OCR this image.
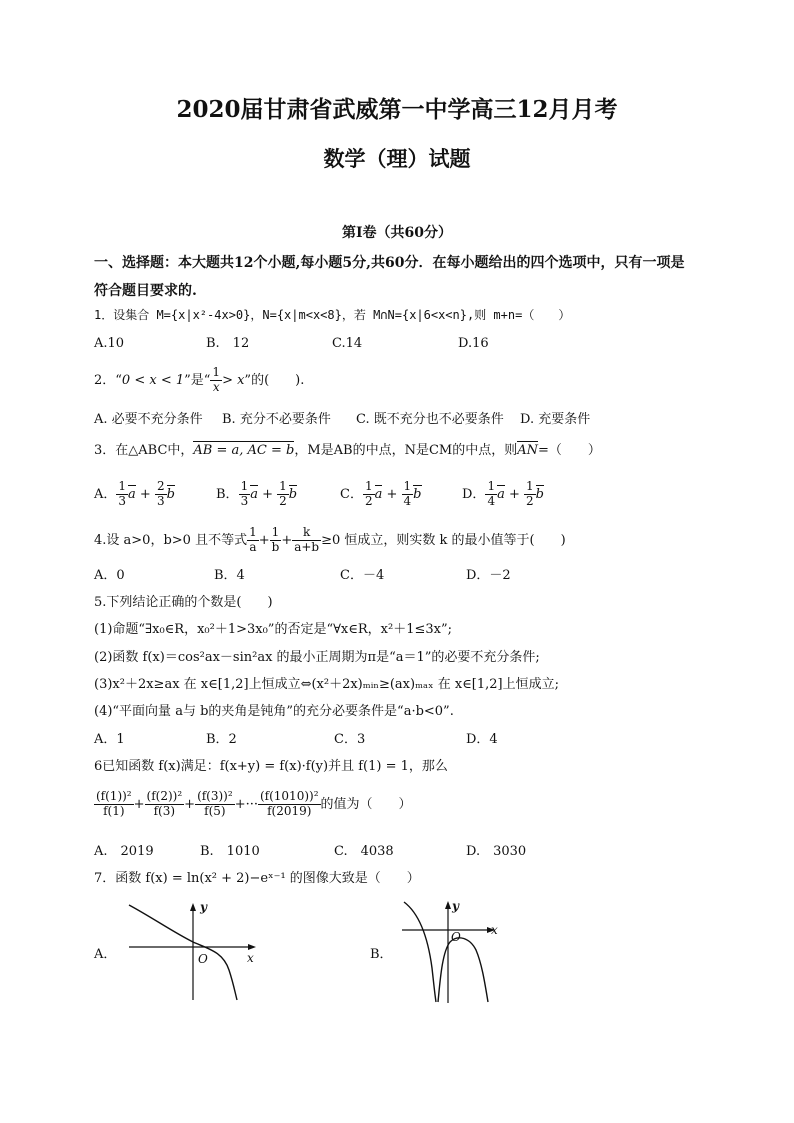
2020届甘肃省武威第一中学高三12月月考
数学（理）试题
第Ⅰ卷（共60分）
一、选择题：本大题共12个小题,每小题5分,共60分．在每小题给出的四个选项中，只有一项是
符合题目要求的.
1．设集合 M={x|x²-4x>0}，N={x|m<x<8}，若 M∩N={x|6<x<n},则 m+n=（　　）
A.10	B.　12	C.14	D.16
2．“0 < x < 1”是“ $\frac{1}{x} > x$”的(　　).
A. 必要不充分条件 B. 充分不必要条件 C. 既不充分也不必要条件 D. 充要条件
3．在△ABC中，AB = a, AC = b，M是AB的中点，N是CM的中点，则AN=（　　）
A． $\frac{1}{3}$ $a + \frac{2}{3}$ b	B． $\frac{1}{3}$ $a + \frac{1}{2}$ b	C． $\frac{1}{2}$ $a + \frac{1}{4}$ b	D． $\frac{1}{4}$ $a + \frac{1}{2}$ b
4.设 a>0，b>0 且不等式 $\frac{1}{a} + \frac{1}{b} + \frac{k}{a+b} \ge 0$ 恒成立，则实数 k 的最小值等于(　　)
A．0	B．4	C．－4	D．－2
5.下列结论正确的个数是(　　)
(1)命题“∃x₀∈R，x₀²＋1>3x₀”的否定是“∀x∈R，x²＋1≤3x”;
(2)函数 f(x)＝cos²ax－sin²ax 的最小正周期为π是“a＝1”的必要不充分条件;
(3)x²＋2x≥ax 在 x∈[1,2]上恒成立⇔(x²＋2x)ₘᵢₙ≥(ax)ₘₐₓ 在 x∈[1,2]上恒成立;
(4)“平面向量 a与 b的夹角是钝角”的充分必要条件是“a·b<0”.
A．1	B．2	C．3	D．4
6已知函数 f(x)满足：f(x+y) = f(x)·f(y)并且 f(1) = 1，那么
$\frac{\text{(f(1))²}}{f(1)} + \frac{\text{(f(2))²}}{f(3)} + \frac{\text{(f(3))²}}{f(5)}$ +··· $\frac{\text{(f(1010))²}}{f(2019)}$ 的值为（　　）
A.　2019	B.　1010	C.　4038	D.　3030
7．函数 f(x) = ln(x² + 2)−eˣ⁻¹ 的图像大致是（　　）
A．	B．
y
x
O
y
x
O
